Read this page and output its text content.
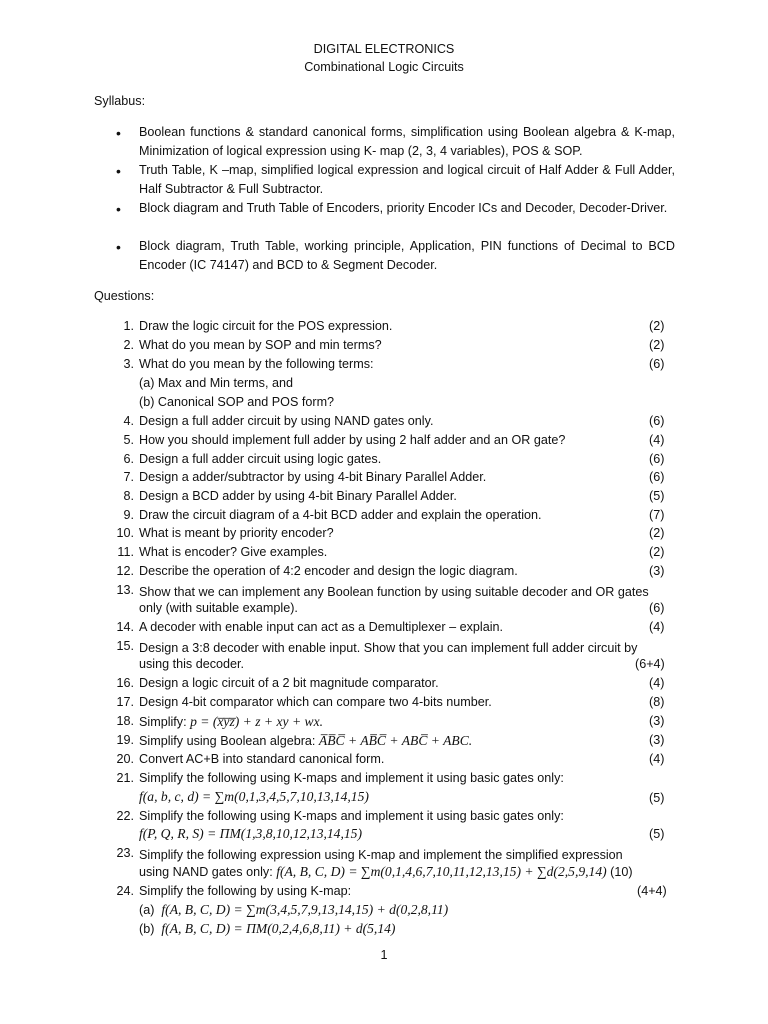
DIGITAL ELECTRONICS
Combinational Logic Circuits
Syllabus:
• Boolean functions & standard canonical forms, simplification using Boolean algebra & K-map, Minimization of logical expression using K- map (2, 3, 4 variables), POS & SOP.
• Truth Table, K –map, simplified logical expression and logical circuit of Half Adder & Full Adder, Half Subtractor & Full Subtractor.
• Block diagram and Truth Table of Encoders, priority Encoder ICs and Decoder, Decoder-Driver.
• Block diagram, Truth Table, working principle, Application, PIN functions of Decimal to BCD Encoder (IC 74147) and BCD to & Segment Decoder.
Questions:
1. Draw the logic circuit for the POS expression.	(2)
2. What do you mean by SOP and min terms?	(2)
3. What do you mean by the following terms:	(6)
(a) Max and Min terms, and
(b) Canonical SOP and POS form?
4. Design a full adder circuit by using NAND gates only.	(6)
5. How you should implement full adder by using 2 half adder and an OR gate?	(4)
6. Design a full adder circuit using logic gates.	(6)
7. Design a adder/subtractor by using 4-bit Binary Parallel Adder.	(6)
8. Design a BCD adder by using 4-bit Binary Parallel Adder.	(5)
9. Draw the circuit diagram of a 4-bit BCD adder and explain the operation.	(7)
10. What is meant by priority encoder?	(2)
11. What is encoder? Give examples.	(2)
12. Describe the operation of 4:2 encoder and design the logic diagram.	(3)
13. Show that we can implement any Boolean function by using suitable decoder and OR gates
only (with suitable example).	(6)
14. A decoder with enable input can act as a Demultiplexer – explain.	(4)
15. Design a 3:8 decoder with enable input. Show that you can implement full adder circuit by
using this decoder.	(6+4)
16. Design a logic circuit of a 2 bit magnitude comparator.	(4)
17. Design 4-bit comparator which can compare two 4-bits number.	(8)
18. Simplify: p = (x̅y̅z̅) + z + xy + wx.	(3)
19. Simplify using Boolean algebra: A̅B̅C̅ + AB̅C̅ + ABC̅ + ABC.	(3)
20. Convert AC+B into standard canonical form.	(4)
21. Simplify the following using K-maps and implement it using basic gates only:
f(a, b, c, d) = ∑m(0,1,3,4,5,7,10,13,14,15)	(5)
22. Simplify the following using K-maps and implement it using basic gates only:
f(P, Q, R, S) = ΠM(1,3,8,10,12,13,14,15)	(5)
23. Simplify the following expression using K-map and implement the simplified expression
using NAND gates only: f(A, B, C, D) = ∑m(0,1,4,6,7,10,11,12,13,15) + ∑d(2,5,9,14) (10)
24. Simplify the following by using K-map:	(4+4)
(a) f(A, B, C, D) = ∑m(3,4,5,7,9,13,14,15) + d(0,2,8,11)
(b) f(A, B, C, D) = ΠM(0,2,4,6,8,11) + d(5,14)
1
